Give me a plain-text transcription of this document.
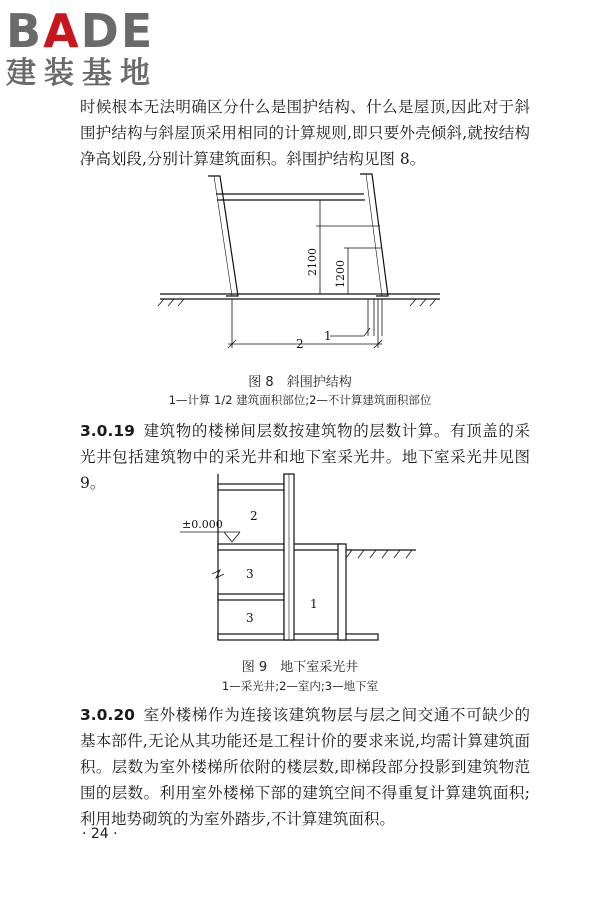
BADE
建装基地
时候根本无法明确区分什么是围护结构、什么是屋顶,因此对于斜围护结构与斜屋顶采用相同的计算规则,即只要外壳倾斜,就按结构净高划段,分别计算建筑面积。斜围护结构见图 8。
2100 1200
1
2
图 8　斜围护结构
1—计算 1/2 建筑面积部位;2—不计算建筑面积部位
3.0.19 建筑物的楼梯间层数按建筑物的层数计算。有顶盖的采光井包括建筑物中的采光井和地下室采光井。地下室采光井见图 9。
±0.000
2
3
3
1
图 9　地下室采光井
1—采光井;2—室内;3—地下室
3.0.20 室外楼梯作为连接该建筑物层与层之间交通不可缺少的基本部件,无论从其功能还是工程计价的要求来说,均需计算建筑面积。层数为室外楼梯所依附的楼层数,即梯段部分投影到建筑物范围的层数。利用室外楼梯下部的建筑空间不得重复计算建筑面积;利用地势砌筑的为室外踏步,不计算建筑面积。
· 24 ·
